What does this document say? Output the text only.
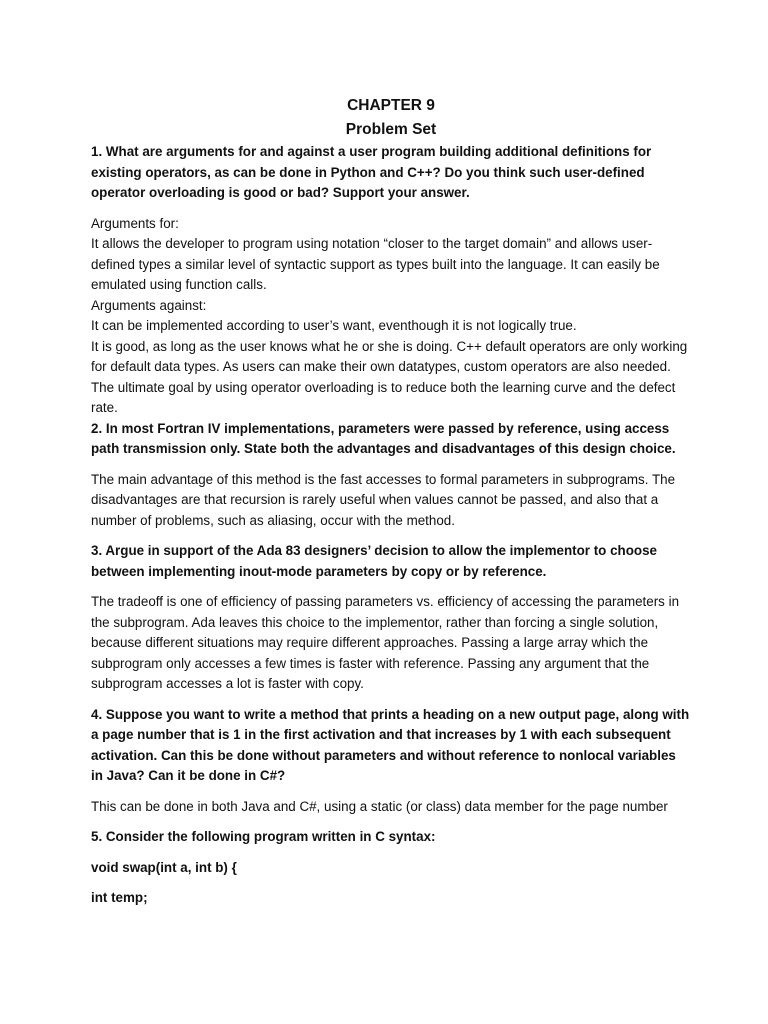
CHAPTER 9

Problem Set

1. What are arguments for and against a user program building additional definitions for existing operators, as can be done in Python and C++? Do you think such user-defined operator overloading is good or bad? Support your answer.

Arguments for:

It allows the developer to program using notation “closer to the target domain” and allows user-defined types a similar level of syntactic support as types built into the language. It can easily be emulated using function calls.

Arguments against:

It can be implemented according to user’s want, eventhough it is not logically true.

It is good, as long as the user knows what he or she is doing. C++ default operators are only working for default data types. As users can make their own datatypes, custom operators are also needed. The ultimate goal by using operator overloading is to reduce both the learning curve and the defect rate.

2. In most Fortran IV implementations, parameters were passed by reference, using access path transmission only. State both the advantages and disadvantages of this design choice.

The main advantage of this method is the fast accesses to formal parameters in subprograms. The disadvantages are that recursion is rarely useful when values cannot be passed, and also that a number of problems, such as aliasing, occur with the method.

3. Argue in support of the Ada 83 designers’ decision to allow the implementor to choose between implementing inout-mode parameters by copy or by reference.

The tradeoff is one of efficiency of passing parameters vs. efficiency of accessing the parameters in the subprogram. Ada leaves this choice to the implementor, rather than forcing a single solution, because different situations may require different approaches. Passing a large array which the subprogram only accesses a few times is faster with reference. Passing any argument that the subprogram accesses a lot is faster with copy.

4. Suppose you want to write a method that prints a heading on a new output page, along with a page number that is 1 in the first activation and that increases by 1 with each subsequent activation. Can this be done without parameters and without reference to nonlocal variables in Java? Can it be done in C#?

This can be done in both Java and C#, using a static (or class) data member for the page number

5. Consider the following program written in C syntax:

void swap(int a, int b) {

int temp;
